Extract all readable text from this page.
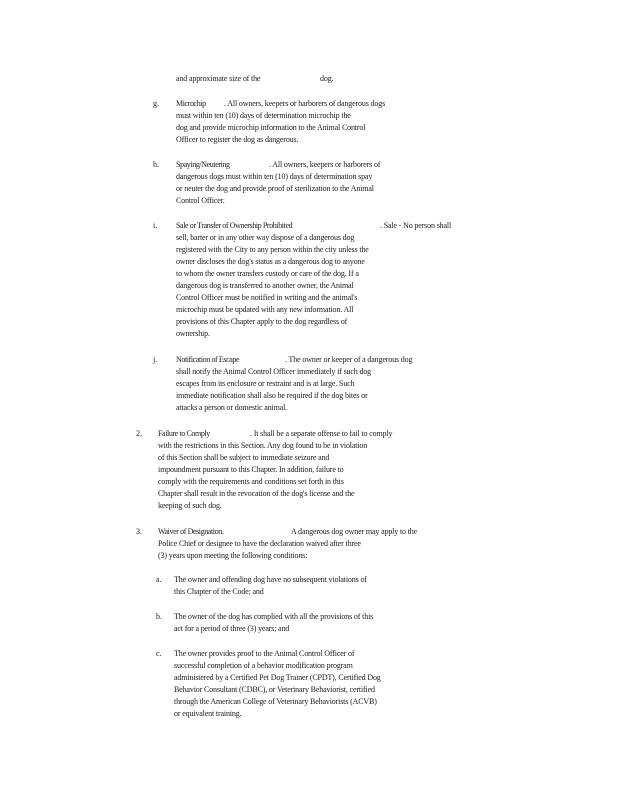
and approximate size of the	dog.
g. Microchip . All owners, keepers or harborers of dangerous dogs
must within ten (10) days of determination microchip the
dog and provide microchip information to the Animal Control
Officer to register the dog as dangerous.
h. Spaying/Neutering	. All owners, keepers or harborers of
dangerous dogs must within ten (10) days of determination spay
or neuter the dog and provide proof of sterilization to the Animal
Control Officer.
i. Sale or Transfer of Ownership Prohibited	. Sale - No person shall
sell, barter or in any other way dispose of a dangerous dog
registered with the City to any person within the city unless the
owner discloses the dog's status as a dangerous dog to anyone
to whom the owner transfers custody or care of the dog. If a
dangerous dog is transferred to another owner, the Animal
Control Officer must be notified in writing and the animal's
microchip must be updated with any new information. All
provisions of this Chapter apply to the dog regardless of
ownership.
j. Notification of Escape	. The owner or keeper of a dangerous dog
shall notify the Animal Control Officer immediately if such dog
escapes from its enclosure or restraint and is at large. Such
immediate notification shall also be required if the dog bites or
attacks a person or domestic animal.
2. Failure to Comply	. It shall be a separate offense to fail to comply
with the restrictions in this Section. Any dog found to be in violation
of this Section shall be subject to immediate seizure and
impoundment pursuant to this Chapter. In addition, failure to
comply with the requirements and conditions set forth in this
Chapter shall result in the revocation of the dog's license and the
keeping of such dog.
3. Waiver of Designation.	A dangerous dog owner may apply to the
Police Chief or designee to have the declaration waived after three
(3) years upon meeting the following conditions:
a. The owner and offending dog have no subsequent violations of
this Chapter of the Code; and
b. The owner of the dog has complied with all the provisions of this
act for a period of three (3) years; and
c. The owner provides proof to the Animal Control Officer of
successful completion of a behavior modification program
administered by a Certified Pet Dog Trainer (CPDT), Certified Dog
Behavior Consultant (CDBC), or Veterinary Behaviorist, certified
through the American College of Veterinary Behaviorists (ACVB)
or equivalent training.
